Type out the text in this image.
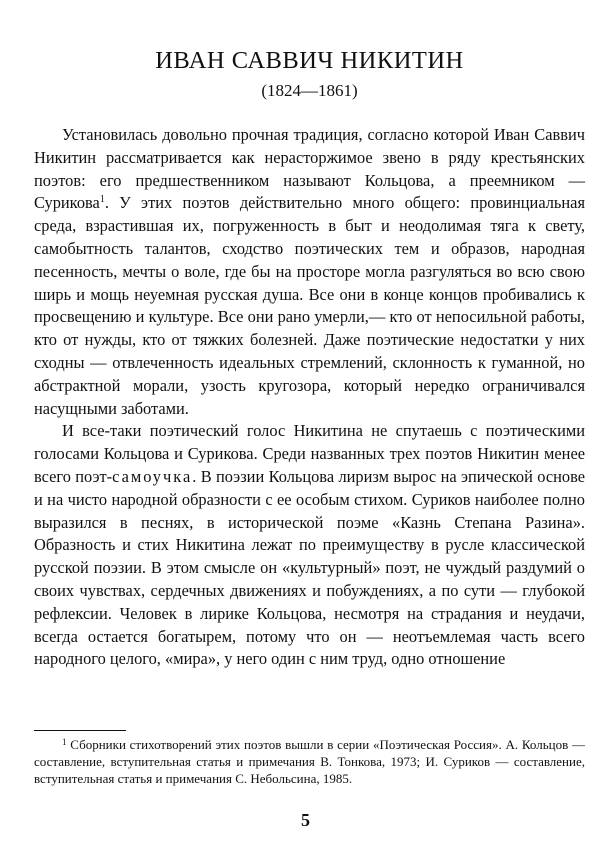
ИВАН САВВИЧ НИКИТИН
(1824—1861)

Установилась довольно прочная традиция, согласно которой Иван Саввич Никитин рассматривается как нерасторжимое звено в ряду крестьянских поэтов: его предшественником называют Кольцова, а преемником — Сурикова$^1$. У этих поэтов действительно много общего: провинциальная среда, взрастившая их, погруженность в быт и неодолимая тяга к свету, самобытность талантов, сходство поэтических тем и образов, народная песенность, мечты о воле, где бы на просторе могла разгуляться во всю свою ширь и мощь неуемная русская душа. Все они в конце концов пробивались к просвещению и культуре. Все они рано умерли,— кто от непосильной работы, кто от нужды, кто от тяжких болезней. Даже поэтические недостатки у них сходны — отвлеченность идеальных стремлений, склонность к гуманной, но абстрактной морали, узость кругозора, который нередко ограничивался насущными заботами.

И все-таки поэтический голос Никитина не спутаешь с поэтическими голосами Кольцова и Сурикова. Среди названных трех поэтов Никитин менее всего поэт-самоучка. В поэзии Кольцова лиризм вырос на эпической основе и на чисто народной образности с ее особым стихом. Суриков наиболее полно выразился в песнях, в исторической поэме «Казнь Степана Разина». Образность и стих Никитина лежат по преимуществу в русле классической русской поэзии. В этом смысле он «культурный» поэт, не чуждый раздумий о своих чувствах, сердечных движениях и побуждениях, а по сути — глубокой рефлексии. Человек в лирике Кольцова, несмотря на страдания и неудачи, всегда остается богатырем, потому что он — неотъемлемая часть всего народного целого, «мира», у него один с ним труд, одно отношение

$^1$ Сборники стихотворений этих поэтов вышли в серии «Поэтическая Россия». А. Кольцов — составление, вступительная статья и примечания В. Тонкова, 1973; И. Суриков — составление, вступительная статья и примечания С. Небольсина, 1985.

5
